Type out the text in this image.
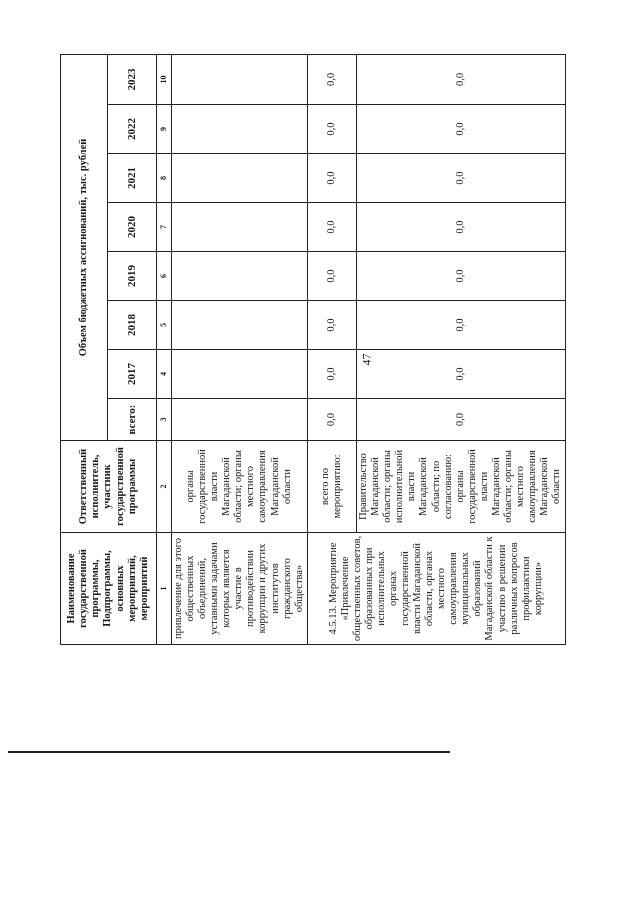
47
Наименование государственной программы, Подпрограммы, основных мероприятий, мероприятий	Ответственный исполнитель, участник государственной программы	Объем бюджетных ассигнований, тыс. рублей							
		всего:	2017	2018	2019	2020	2021	2022	2023
1	2	3	4	5	6	7	8	9	10
привлечение для этого общественных объединений, уставными задачами которых является участие в противодействии коррупции и других институтов гражданского общества»	органы государственной власти Магаданской области; органы местного самоуправления Магаданской области								
4.5.13. Мероприятие «Привлечение общественных советов, образованных при исполнительных органах государственной власти Магаданской области, органах местного самоуправления муниципальных образований Магаданской области к участию в решении различных вопросов профилактики коррупции»	всего по мероприятию:	0,0	0,0	0,0	0,0	0,0	0,0	0,0	0,0
	Правительство Магаданской области; органы исполнительной власти Магаданской области; по согласованию: органы государственной власти Магаданской области; органы местного самоуправления Магаданской области	0,0	0,0	0,0	0,0	0,0	0,0	0,0	0,0
